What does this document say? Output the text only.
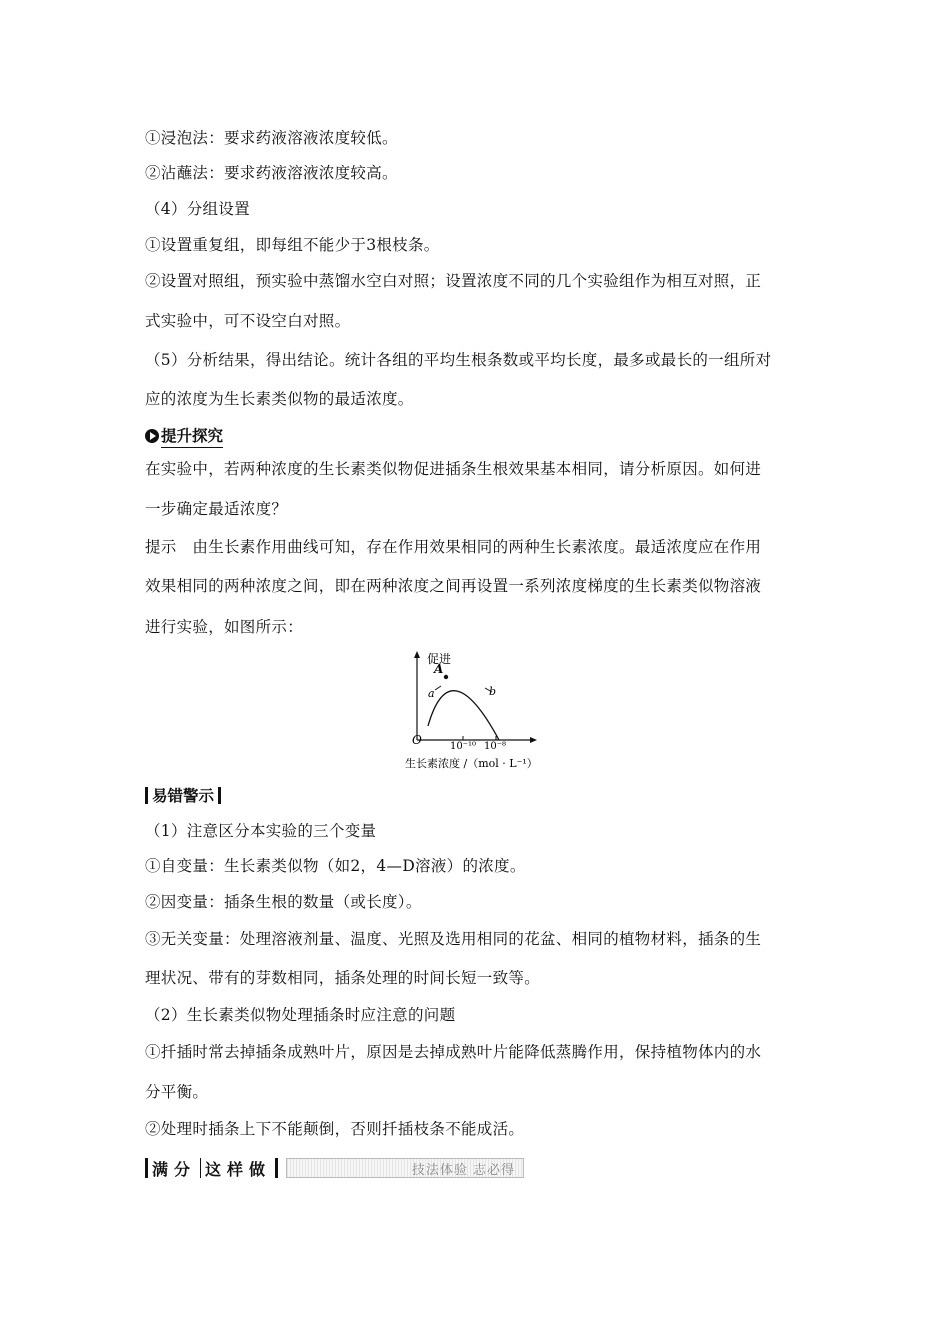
①浸泡法：要求药液溶液浓度较低。
②沾蘸法：要求药液溶液浓度较高。
（4）分组设置
①设置重复组，即每组不能少于3根枝条。
②设置对照组，预实验中蒸馏水空白对照；设置浓度不同的几个实验组作为相互对照，正
式实验中，可不设空白对照。
（5）分析结果，得出结论。统计各组的平均生根条数或平均长度，最多或最长的一组所对
应的浓度为生长素类似物的最适浓度。
提升探究
在实验中，若两种浓度的生长素类似物促进插条生根效果基本相同，请分析原因。如何进
一步确定最适浓度？
提示　由生长素作用曲线可知，存在作用效果相同的两种生长素浓度。最适浓度应在作用
效果相同的两种浓度之间，即在两种浓度之间再设置一系列浓度梯度的生长素类似物溶液
进行实验，如图所示：
促进
A
a	b
O	10⁻¹⁰ 10⁻⁸
生长素浓度 /（mol · L⁻¹）
易错警示
（1）注意区分本实验的三个变量
①自变量：生长素类似物（如2，4—D溶液）的浓度。
②因变量：插条生根的数量（或长度）。
③无关变量：处理溶液剂量、温度、光照及选用相同的花盆、相同的植物材料，插条的生
理状况、带有的芽数相同，插条处理的时间长短一致等。
（2）生长素类似物处理插条时应注意的问题
①扦插时常去掉插条成熟叶片，原因是去掉成熟叶片能降低蒸腾作用，保持植物体内的水
分平衡。
②处理时插条上下不能颠倒，否则扦插枝条不能成活。
满分 这样做	技法体验 志必得
